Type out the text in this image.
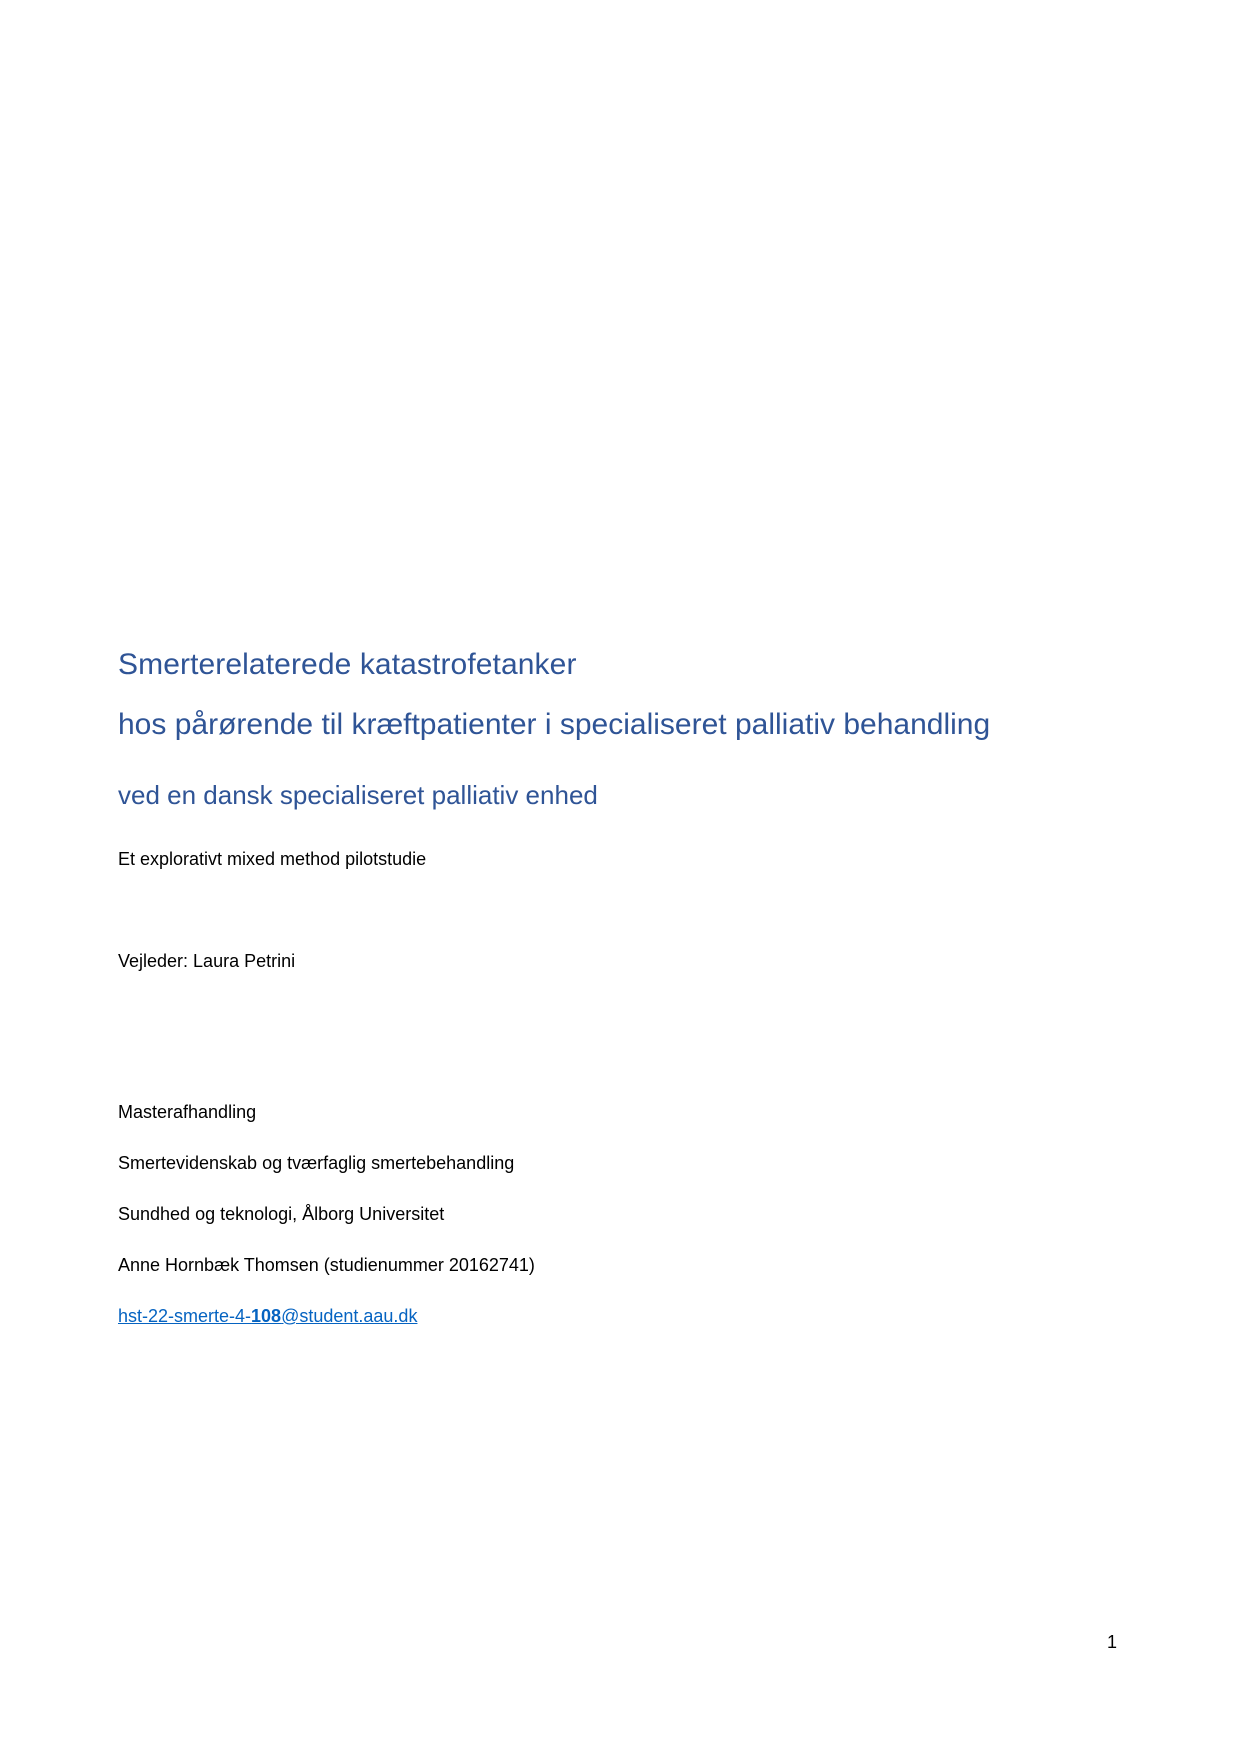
Smerterelaterede katastrofetanker
hos pårørende til kræftpatienter i specialiseret palliativ behandling
ved en dansk specialiseret palliativ enhed
Et explorativt mixed method pilotstudie
Vejleder: Laura Petrini
Masterafhandling
Smertevidenskab og tværfaglig smertebehandling
Sundhed og teknologi, Ålborg Universitet
Anne Hornbæk Thomsen (studienummer 20162741)
hst-22-smerte-4-108@student.aau.dk
1
